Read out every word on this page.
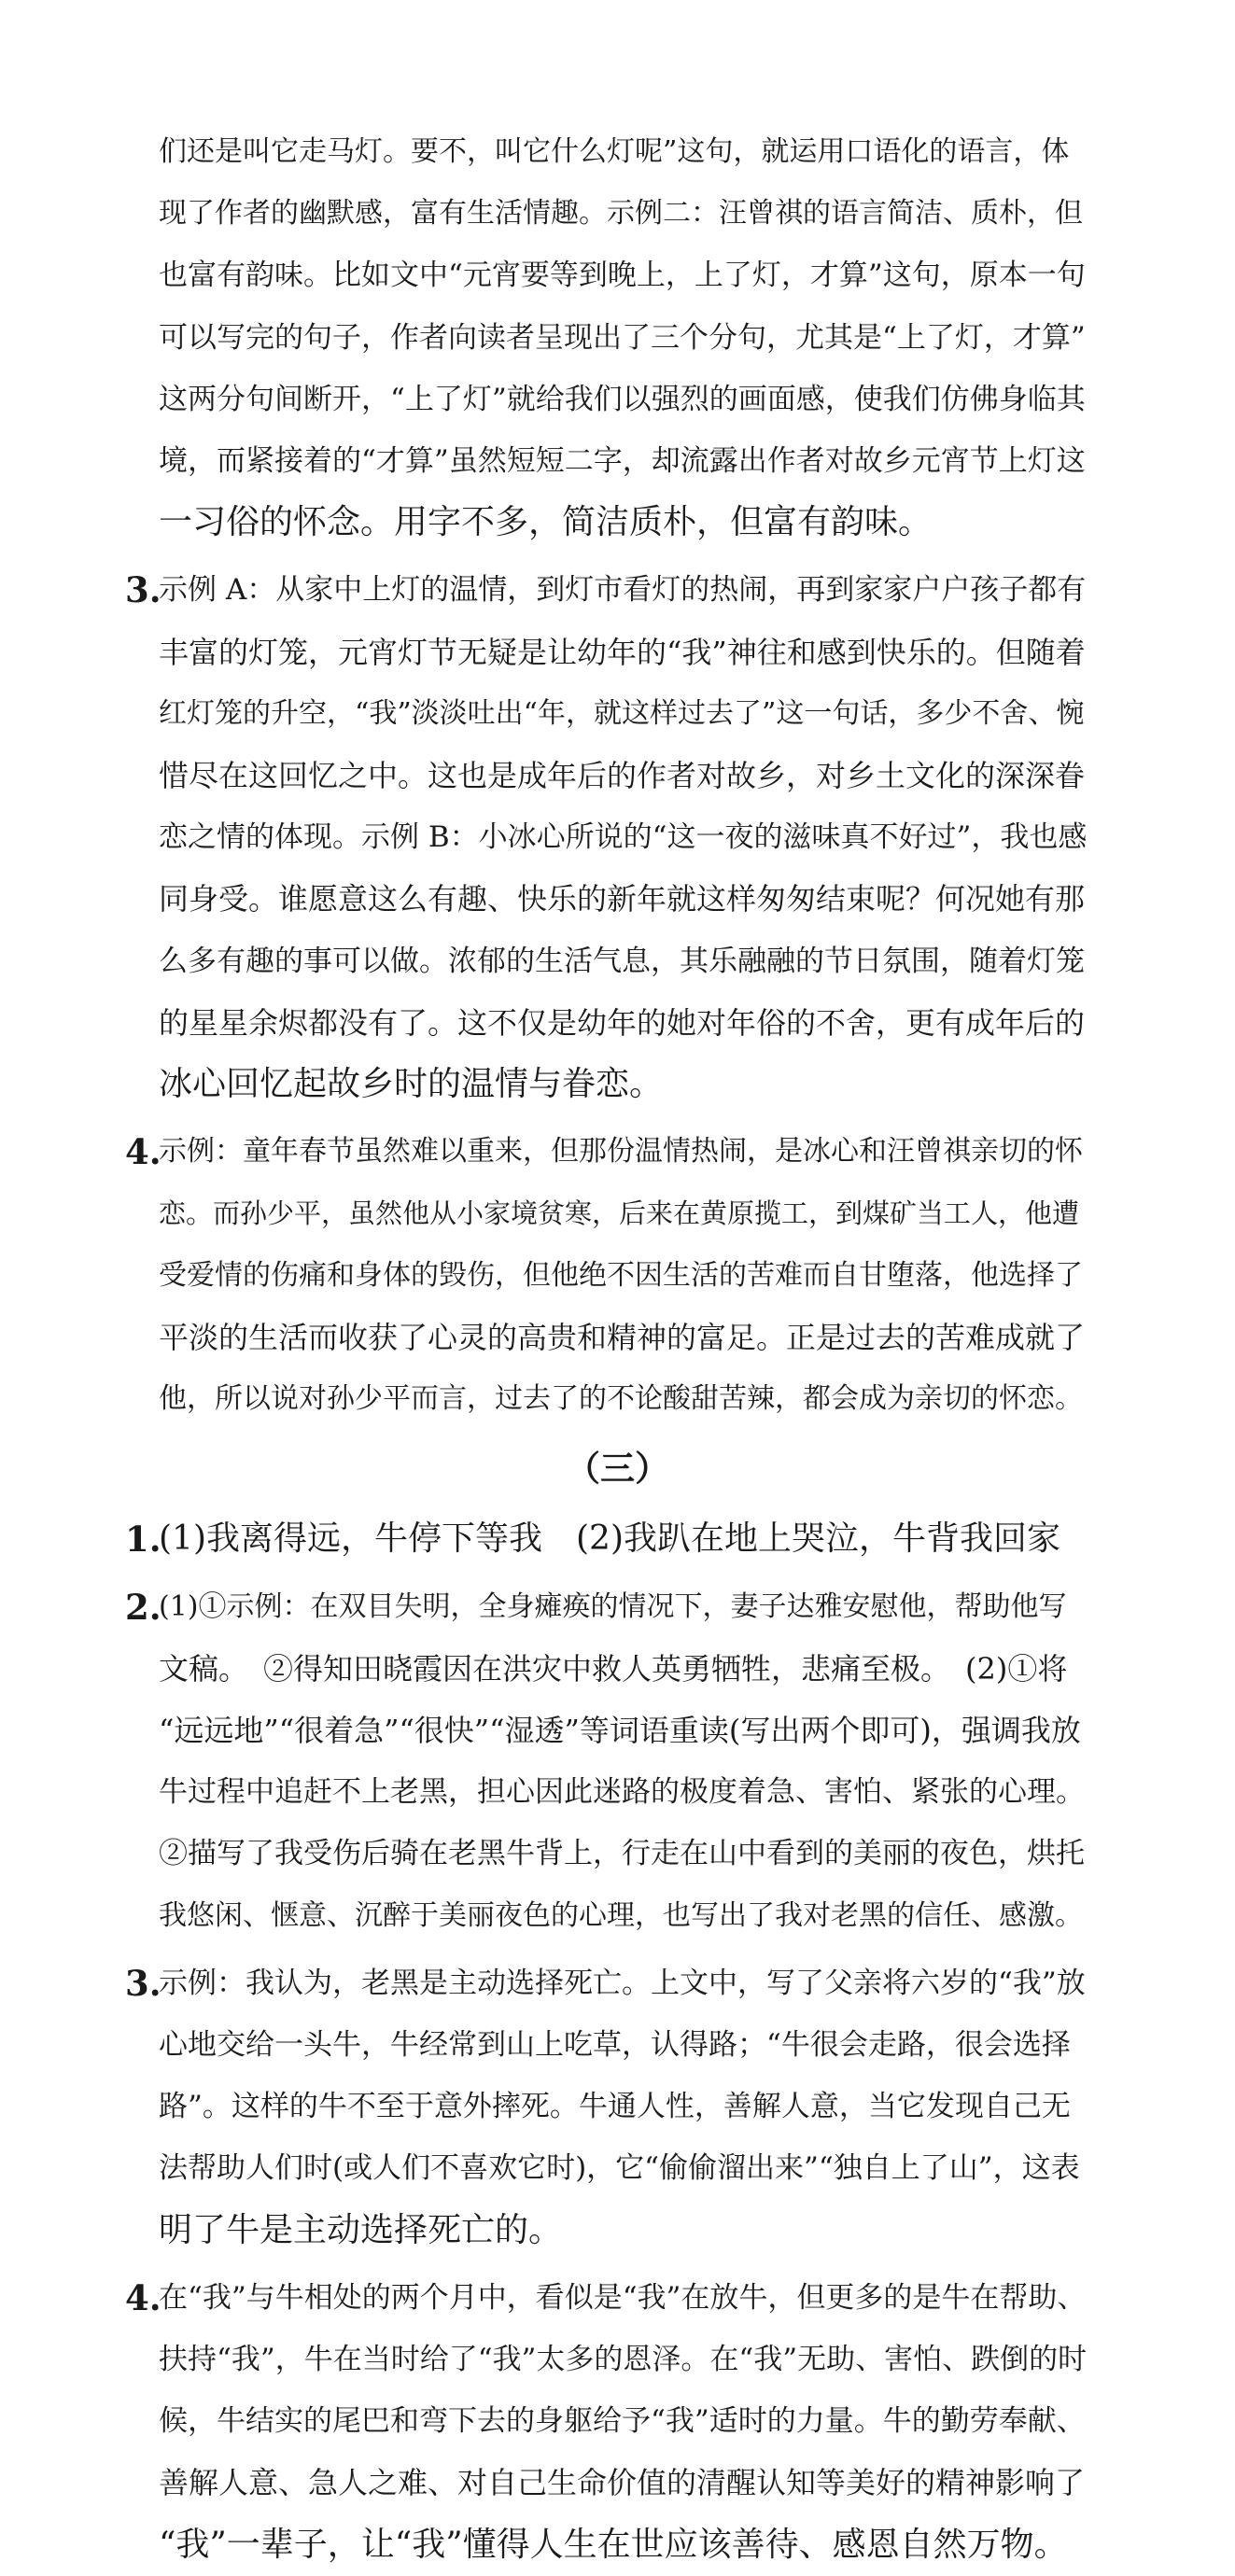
们还是叫它走马灯。要不，叫它什么灯呢”这句，就运用口语化的语言，体
现了作者的幽默感，富有生活情趣。示例二：汪曾祺的语言简洁、质朴，但
也富有韵味。比如文中“元宵要等到晚上，上了灯，才算”这句，原本一句
可以写完的句子，作者向读者呈现出了三个分句，尤其是“上了灯，才算”
这两分句间断开，“上了灯”就给我们以强烈的画面感，使我们仿佛身临其
境，而紧接着的“才算”虽然短短二字，却流露出作者对故乡元宵节上灯这
一习俗的怀念。用字不多，简洁质朴，但富有韵味。
3.
示例 A：从家中上灯的温情，到灯市看灯的热闹，再到家家户户孩子都有
丰富的灯笼，元宵灯节无疑是让幼年的“我”神往和感到快乐的。但随着
红灯笼的升空，“我”淡淡吐出“年，就这样过去了”这一句话，多少不舍、惋
惜尽在这回忆之中。这也是成年后的作者对故乡，对乡土文化的深深眷
恋之情的体现。示例 B：小冰心所说的“这一夜的滋味真不好过”，我也感
同身受。谁愿意这么有趣、快乐的新年就这样匆匆结束呢？何况她有那
么多有趣的事可以做。浓郁的生活气息，其乐融融的节日氛围，随着灯笼
的星星余烬都没有了。这不仅是幼年的她对年俗的不舍，更有成年后的
冰心回忆起故乡时的温情与眷恋。
4.
示例：童年春节虽然难以重来，但那份温情热闹，是冰心和汪曾祺亲切的怀
恋。而孙少平，虽然他从小家境贫寒，后来在黄原揽工，到煤矿当工人，他遭
受爱情的伤痛和身体的毁伤，但他绝不因生活的苦难而自甘堕落，他选择了
平淡的生活而收获了心灵的高贵和精神的富足。正是过去的苦难成就了
他，所以说对孙少平而言，过去了的不论酸甜苦辣，都会成为亲切的怀恋。
（三）
1.
(1)我离得远，牛停下等我　(2)我趴在地上哭泣，牛背我回家
2.
(1)①示例：在双目失明，全身瘫痪的情况下，妻子达雅安慰他，帮助他写
文稿。　②得知田晓霞因在洪灾中救人英勇牺牲，悲痛至极。　(2)①将
“远远地”“很着急”“很快”“湿透”等词语重读(写出两个即可)，强调我放
牛过程中追赶不上老黑，担心因此迷路的极度着急、害怕、紧张的心理。
②描写了我受伤后骑在老黑牛背上，行走在山中看到的美丽的夜色，烘托
我悠闲、惬意、沉醉于美丽夜色的心理，也写出了我对老黑的信任、感激。
3.
示例：我认为，老黑是主动选择死亡。上文中，写了父亲将六岁的“我”放
心地交给一头牛，牛经常到山上吃草，认得路；“牛很会走路，很会选择
路”。这样的牛不至于意外摔死。牛通人性，善解人意，当它发现自己无
法帮助人们时(或人们不喜欢它时)，它“偷偷溜出来”“独自上了山”，这表
明了牛是主动选择死亡的。
4.
在“我”与牛相处的两个月中，看似是“我”在放牛，但更多的是牛在帮助、
扶持“我”，牛在当时给了“我”太多的恩泽。在“我”无助、害怕、跌倒的时
候，牛结实的尾巴和弯下去的身躯给予“我”适时的力量。牛的勤劳奉献、
善解人意、急人之难、对自己生命价值的清醒认知等美好的精神影响了
“我”一辈子，让“我”懂得人生在世应该善待、感恩自然万物。
